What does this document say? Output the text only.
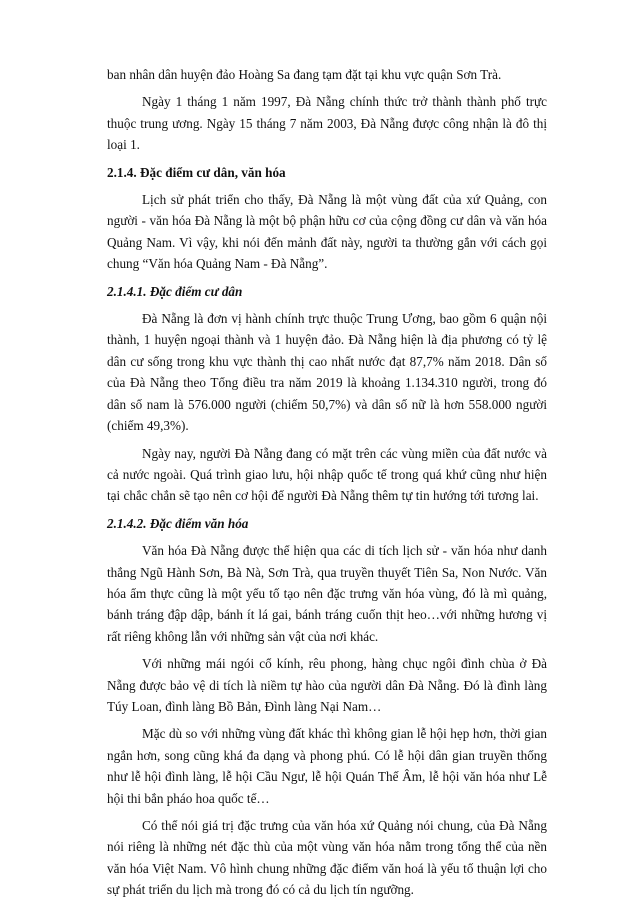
ban nhân dân huyện đảo Hoàng Sa đang tạm đặt tại khu vực quận Sơn Trà.

Ngày 1 tháng 1 năm 1997, Đà Nẵng chính thức trở thành thành phố trực thuộc trung ương. Ngày 15 tháng 7 năm 2003, Đà Nẵng được công nhận là đô thị loại 1.

2.1.4. Đặc điểm cư dân, văn hóa

Lịch sử phát triển cho thấy, Đà Nẵng là một vùng đất của xứ Quảng, con người - văn hóa Đà Nẵng là một bộ phận hữu cơ của cộng đồng cư dân và văn hóa Quảng Nam. Vì vậy, khi nói đến mảnh đất này, người ta thường gắn với cách gọi chung “Văn hóa Quảng Nam - Đà Nẵng”.

2.1.4.1. Đặc điểm cư dân

Đà Nẵng là đơn vị hành chính trực thuộc Trung Ương, bao gồm 6 quận nội thành, 1 huyện ngoại thành và 1 huyện đảo. Đà Nẵng hiện là địa phương có tỷ lệ dân cư sống trong khu vực thành thị cao nhất nước đạt 87,7% năm 2018. Dân số của Đà Nẵng theo Tổng điều tra năm 2019 là khoảng 1.134.310 người, trong đó dân số nam là 576.000 người (chiếm 50,7%) và dân số nữ là hơn 558.000 người (chiếm 49,3%).

Ngày nay, người Đà Nẵng đang có mặt trên các vùng miền của đất nước và cả nước ngoài. Quá trình giao lưu, hội nhập quốc tế trong quá khứ cũng như hiện tại chắc chắn sẽ tạo nên cơ hội để người Đà Nẵng thêm tự tin hướng tới tương lai.

2.1.4.2. Đặc điểm văn hóa

Văn hóa Đà Nẵng được thể hiện qua các di tích lịch sử - văn hóa như danh thắng Ngũ Hành Sơn, Bà Nà, Sơn Trà, qua truyền thuyết Tiên Sa, Non Nước. Văn hóa ẩm thực cũng là một yếu tố tạo nên đặc trưng văn hóa vùng, đó là mì quảng, bánh tráng đập dập, bánh ít lá gai, bánh tráng cuốn thịt heo…với những hương vị rất riêng không lẫn với những sản vật của nơi khác.

Với những mái ngói cổ kính, rêu phong, hàng chục ngôi đình chùa ở Đà Nẵng được bảo vệ di tích là niềm tự hào của người dân Đà Nẵng. Đó là đình làng Túy Loan, đình làng Bồ Bản, Đình làng Nại Nam…

Mặc dù so với những vùng đất khác thì không gian lễ hội hẹp hơn, thời gian ngắn hơn, song cũng khá đa dạng và phong phú. Có lễ hội dân gian truyền thống như lễ hội đình làng, lễ hội Cầu Ngư, lễ hội Quán Thế Âm, lễ hội văn hóa như Lễ hội thi bắn pháo hoa quốc tế…

Có thể nói giá trị đặc trưng của văn hóa xứ Quảng nói chung, của Đà Nẵng nói riêng là những nét đặc thù của một vùng văn hóa nằm trong tổng thể của nền văn hóa Việt Nam. Vô hình chung những đặc điểm văn hoá là yếu tố thuận lợi cho sự phát triển du lịch mà trong đó có cả du lịch tín ngưỡng.
